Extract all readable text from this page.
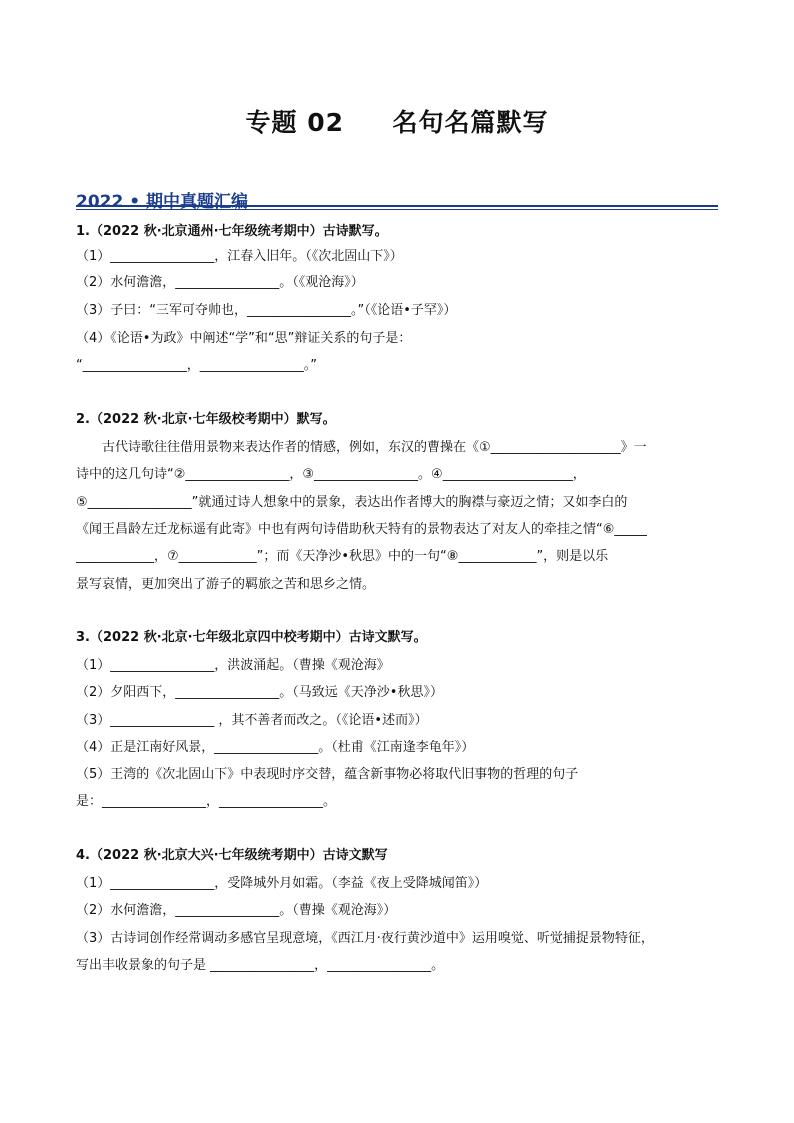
专题 02     名句名篇默写
2022 • 期中真题汇编
1.（2022 秋·北京通州·七年级统考期中）古诗默写。
（1）________________，江春入旧年。（《次北固山下》）
（2）水何澹澹，________________。（《观沧海》）
（3）子曰：“三军可夺帅也，________________。”（《论语•子罕》）
（4）《论语•为政》中阐述“学”和“思”辩证关系的句子是：
“________________，________________。”
2.（2022 秋·北京·七年级校考期中）默写。
古代诗歌往往借用景物来表达作者的情感，例如，东汉的曹操在《①____________________》一
诗中的这几句诗“②________________，③________________。④____________________，
⑤________________”就通过诗人想象中的景象，表达出作者博大的胸襟与豪迈之情；又如李白的
《闻王昌龄左迁龙标遥有此寄》中也有两句诗借助秋天特有的景物表达了对友人的牵挂之情“⑥_____
____________，⑦____________”；而《天净沙•秋思》中的一句“⑧____________”，则是以乐
景写哀情，更加突出了游子的羁旅之苦和思乡之情。
3.（2022 秋·北京·七年级北京四中校考期中）古诗文默写。
（1）________________，洪波涌起。（曹操《观沧海》
（2）夕阳西下，________________。（马致远《天净沙•秋思》）
（3）________________ ，其不善者而改之。（《论语•述而》）
（4）正是江南好风景，________________。（杜甫《江南逢李龟年》）
（5）王湾的《次北固山下》中表现时序交替，蕴含新事物必将取代旧事物的哲理的句子
是：________________，________________。
4.（2022 秋·北京大兴·七年级统考期中）古诗文默写
（1）________________，受降城外月如霜。（李益《夜上受降城闻笛》）
（2）水何澹澹，________________。（曹操《观沧海》）
（3）古诗词创作经常调动多感官呈现意境，《西江月·夜行黄沙道中》运用嗅觉、听觉捕捉景物特征，
写出丰收景象的句子是 ________________，________________。
